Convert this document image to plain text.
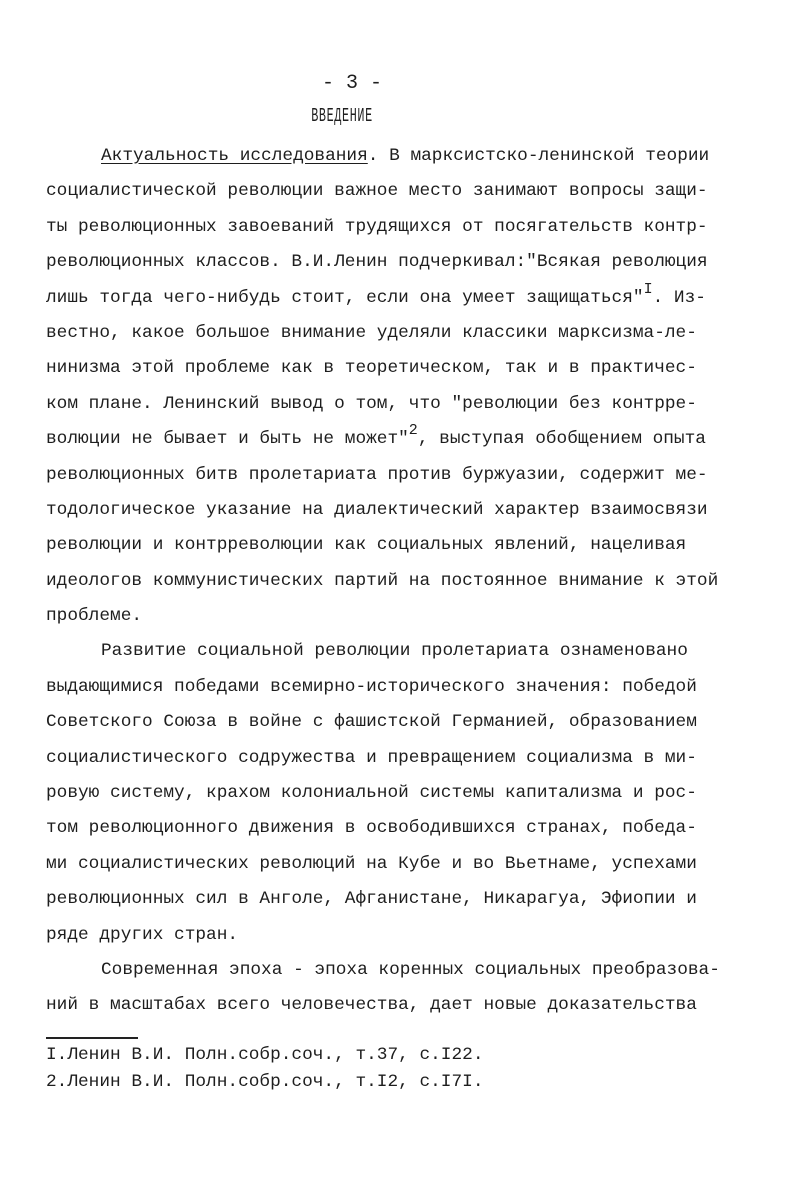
- 3 -
ВВЕДЕНИЕ
Актуальность исследования. В марксистско-ленинской теории
социалистической революции важное место занимают вопросы защи-
ты революционных завоеваний трудящихся от посягательств контр-
революционных классов. В.И.Ленин подчеркивал:"Всякая революция
лишь тогда чего-нибудь стоит, если она умеет защищаться"$^I$. Из-
вестно, какое большое внимание уделяли классики марксизма-ле-
нинизма этой проблеме как в теоретическом, так и в практичес-
ком плане. Ленинский вывод о том, что "революции без контрре-
волюции не бывает и быть не может"$^2$, выступая обобщением опыта
революционных битв пролетариата против буржуазии, содержит ме-
тодологическое указание на диалектический характер взаимосвязи
революции и контрреволюции как социальных явлений, нацеливая
идеологов коммунистических партий на постоянное внимание к этой
проблеме.
Развитие социальной революции пролетариата ознаменовано
выдающимися победами всемирно-исторического значения: победой
Советского Союза в войне с фашистской Германией, образованием
социалистического содружества и превращением социализма в ми-
ровую систему, крахом колониальной системы капитализма и рос-
том революционного движения в освободившихся странах, победа-
ми социалистических революций на Кубе и во Вьетнаме, успехами
революционных сил в Анголе, Афганистане, Никарагуа, Эфиопии и
ряде других стран.
Современная эпоха - эпоха коренных социальных преобразова-
ний в масштабах всего человечества, дает новые доказательства
I.Ленин В.И. Полн.собр.соч., т.37, с.I22.
2.Ленин В.И. Полн.собр.соч., т.I2, с.I7I.
